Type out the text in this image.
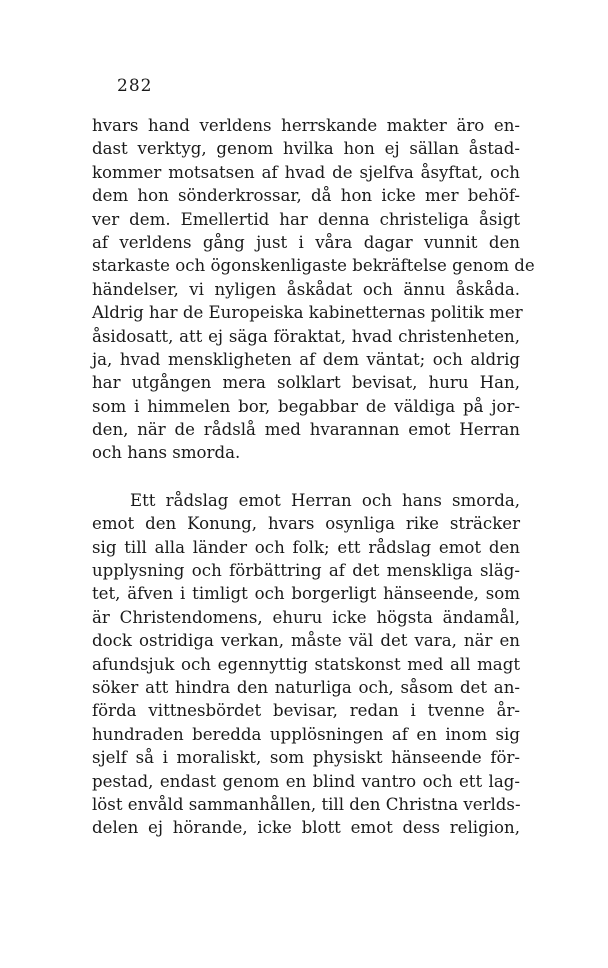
282
hvars hand verldens herrskande makter äro en-
dast verktyg, genom hvilka hon ej sällan åstad-
kommer motsatsen af hvad de sjelfva åsyftat, och
dem hon sönderkrossar, då hon icke mer behöf-
ver dem. Emellertid har denna christeliga åsigt
af verldens gång just i våra dagar vunnit den
starkaste och ögonskenligaste bekräftelse genom de
händelser, vi nyligen åskådat och ännu åskåda.
Aldrig har de Europeiska kabinetternas politik mer
åsidosatt, att ej säga föraktat, hvad christenheten,
ja, hvad menskligheten af dem väntat; och aldrig
har utgången mera solklart bevisat, huru Han,
som i himmelen bor, begabbar de väldiga på jor-
den, när de rådslå med hvarannan emot Herran
och hans smorda.
Ett rådslag emot Herran och hans smorda,
emot den Konung, hvars osynliga rike sträcker
sig till alla länder och folk; ett rådslag emot den
upplysning och förbättring af det menskliga släg-
tet, äfven i timligt och borgerligt hänseende, som
är Christendomens, ehuru icke högsta ändamål,
dock ostridiga verkan, måste väl det vara, när en
afundsjuk och egennyttig statskonst med all magt
söker att hindra den naturliga och, såsom det an-
förda vittnesbördet bevisar, redan i tvenne år-
hundraden beredda upplösningen af en inom sig
sjelf så i moraliskt, som physiskt hänseende för-
pestad, endast genom en blind vantro och ett lag-
löst envåld sammanhållen, till den Christna verlds-
delen ej hörande, icke blott emot dess religion,
